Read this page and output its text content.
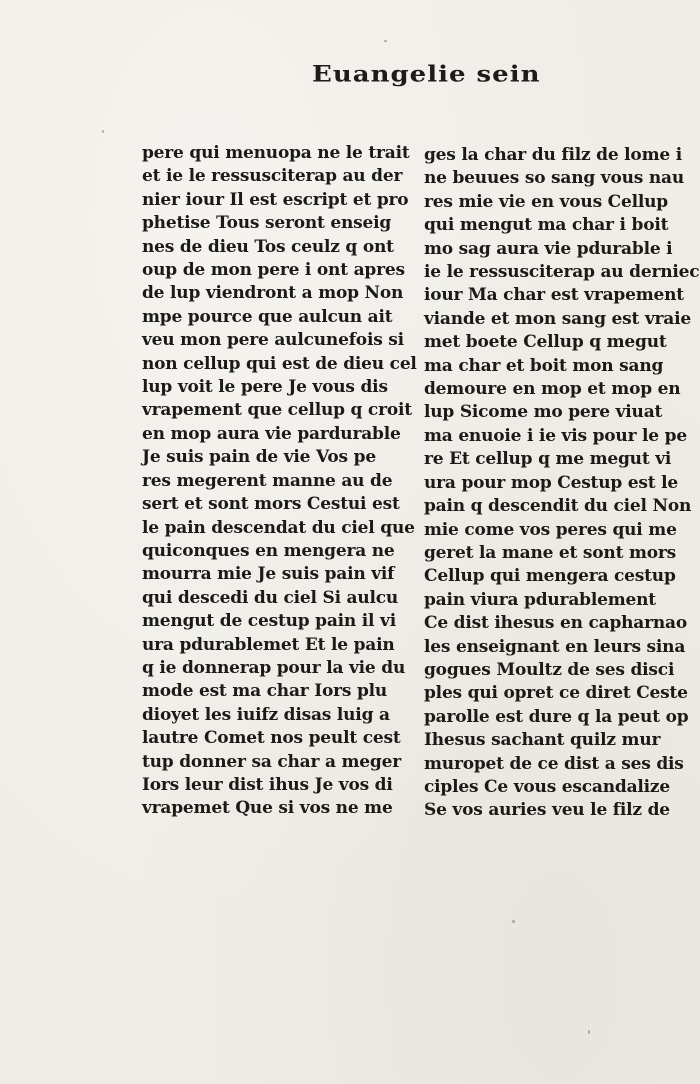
Euangelie sein
pere qui menuopa ne le trait
et ie le ressusciterap au der
nier iour Il est escript et pro
phetise Tous seront enseig
nes de dieu Tos ceulz q ont
oup de mon pere i ont apres
de lup viendront a mop Non
mpe pource que aulcun ait
veu mon pere aulcunefois si
non cellup qui est de dieu cel
lup voit le pere Je vous dis
vrapement que cellup q croit
en mop aura vie pardurable
Je suis pain de vie Vos pe
res megerent manne au de
sert et sont mors Cestui est
le pain descendat du ciel que
quiconques en mengera ne
mourra mie Je suis pain vif
qui descedi du ciel Si aulcu
mengut de cestup pain il vi
ura pdurablemet Et le pain
q ie donnerap pour la vie du
mode est ma char Iors plu
dioyet les iuifz disas luig a
lautre Comet nos peult cest
tup donner sa char a meger
Iors leur dist ihus Je vos di
vrapemet Que si vos ne me
ges la char du filz de lome i
ne beuues so sang vous nau
res mie vie en vous Cellup
qui mengut ma char i boit
mo sag aura vie pdurable i
ie le ressusciterap au derniec
iour Ma char est vrapement
viande et mon sang est vraie
met boete Cellup q megut
ma char et boit mon sang
demoure en mop et mop en
lup Sicome mo pere viuat
ma enuoie i ie vis pour le pe
re Et cellup q me megut vi
ura pour mop Cestup est le
pain q descendit du ciel Non
mie come vos peres qui me
geret la mane et sont mors
Cellup qui mengera cestup
pain viura pdurablement
Ce dist ihesus en capharnao
les enseignant en leurs sina
gogues Moultz de ses disci
ples qui opret ce diret Ceste
parolle est dure q la peut op
Ihesus sachant quilz mur
muropet de ce dist a ses dis
ciples Ce vous escandalize
Se vos auries veu le filz de
